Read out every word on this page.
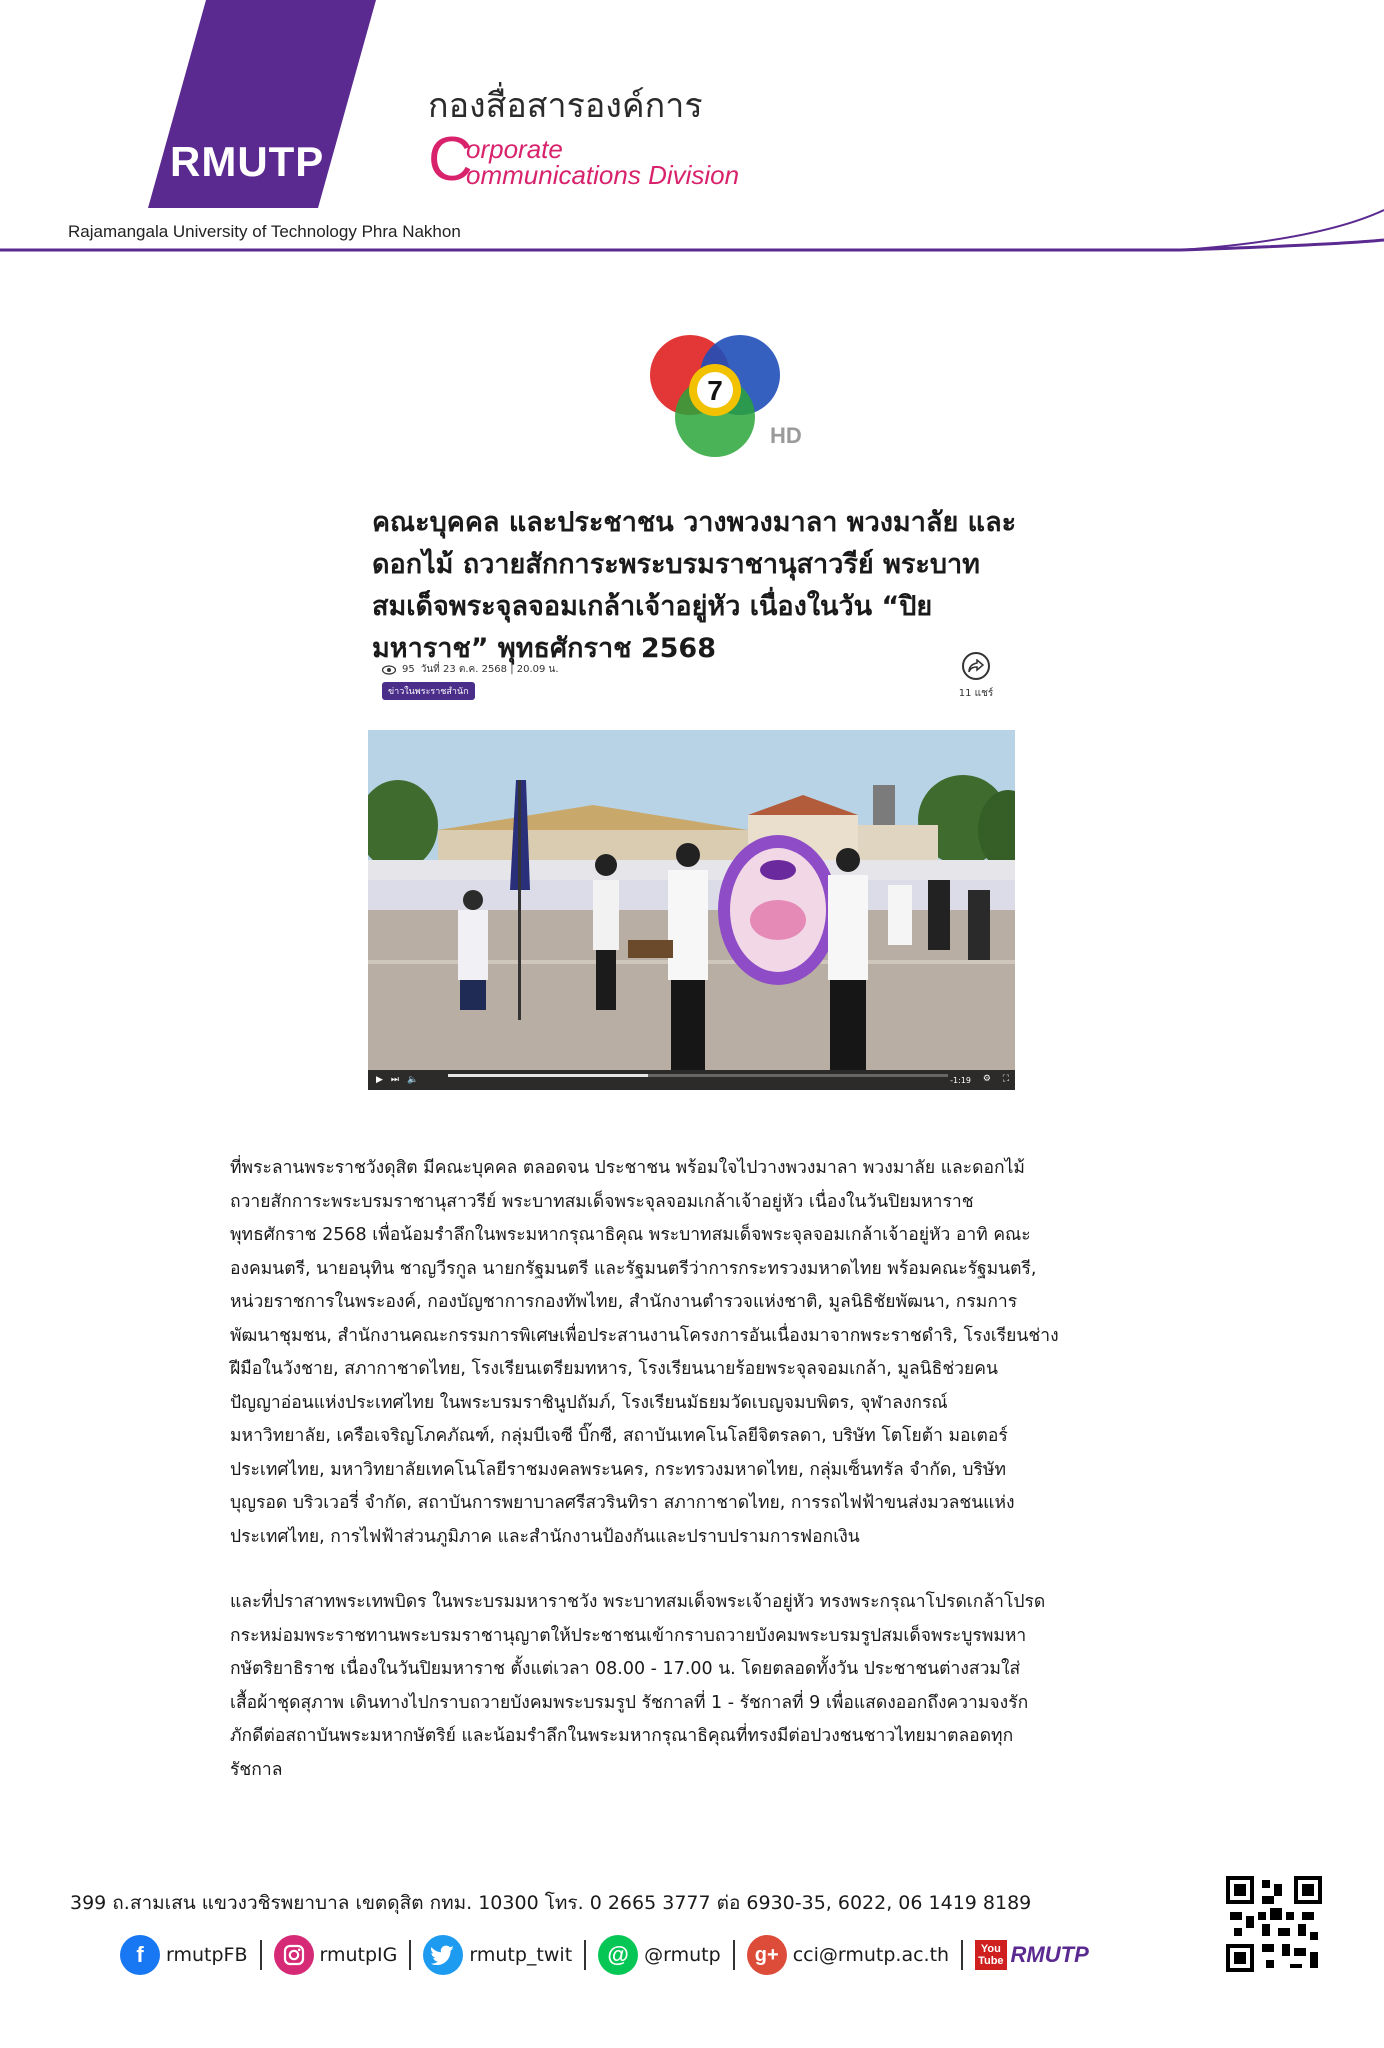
RMUTP
กองสื่อสารองค์การ
C
orporate
ommunications Division
Rajamangala University of Technology Phra Nakhon
7
HD
คณะบุคคล และประชาชน วางพวงมาลา พวงมาลัย และ
ดอกไม้ ถวายสักการะพระบรมราชานุสาวรีย์ พระบาท
สมเด็จพระจุลจอมเกล้าเจ้าอยู่หัว เนื่องในวัน “ปิย
มหาราช” พุทธศักราช 2568
95 วันที่ 23 ต.ค. 2568 | 20.09 น.
ข่าวในพระราชสำนัก	11 แชร์
▶ ⏭ 🔈	-1:19 ⚙ ⛶
ที่พระลานพระราชวังดุสิต มีคณะบุคคล ตลอดจน ประชาชน พร้อมใจไปวางพวงมาลา พวงมาลัย และดอกไม้
ถวายสักการะพระบรมราชานุสาวรีย์ พระบาทสมเด็จพระจุลจอมเกล้าเจ้าอยู่หัว เนื่องในวันปิยมหาราช
พุทธศักราช 2568 เพื่อน้อมรำลึกในพระมหากรุณาธิคุณ พระบาทสมเด็จพระจุลจอมเกล้าเจ้าอยู่หัว อาทิ คณะ
องคมนตรี, นายอนุทิน ชาญวีรกูล นายกรัฐมนตรี และรัฐมนตรีว่าการกระทรวงมหาดไทย พร้อมคณะรัฐมนตรี,
หน่วยราชการในพระองค์, กองบัญชาการกองทัพไทย, สำนักงานตำรวจแห่งชาติ, มูลนิธิชัยพัฒนา, กรมการ
พัฒนาชุมชน, สำนักงานคณะกรรมการพิเศษเพื่อประสานงานโครงการอันเนื่องมาจากพระราชดำริ, โรงเรียนช่าง
ฝีมือในวังชาย, สภากาชาดไทย, โรงเรียนเตรียมทหาร, โรงเรียนนายร้อยพระจุลจอมเกล้า, มูลนิธิช่วยคน
ปัญญาอ่อนแห่งประเทศไทย ในพระบรมราชินูปถัมภ์, โรงเรียนมัธยมวัดเบญจมบพิตร, จุฬาลงกรณ์
มหาวิทยาลัย, เครือเจริญโภคภัณฑ์, กลุ่มบีเจซี บิ๊กซี, สถาบันเทคโนโลยีจิตรลดา, บริษัท โตโยต้า มอเตอร์
ประเทศไทย, มหาวิทยาลัยเทคโนโลยีราชมงคลพระนคร, กระทรวงมหาดไทย, กลุ่มเซ็นทรัล จำกัด, บริษัท
บุญรอด บริวเวอรี่ จำกัด, สถาบันการพยาบาลศรีสวรินทิรา สภากาชาดไทย, การรถไฟฟ้าขนส่งมวลชนแห่ง
ประเทศไทย, การไฟฟ้าส่วนภูมิภาค และสำนักงานป้องกันและปราบปรามการฟอกเงิน
และที่ปราสาทพระเทพบิดร ในพระบรมมหาราชวัง พระบาทสมเด็จพระเจ้าอยู่หัว ทรงพระกรุณาโปรดเกล้าโปรด
กระหม่อมพระราชทานพระบรมราชานุญาตให้ประชาชนเข้ากราบถวายบังคมพระบรมรูปสมเด็จพระบูรพมหา
กษัตริยาธิราช เนื่องในวันปิยมหาราช ตั้งแต่เวลา 08.00 - 17.00 น. โดยตลอดทั้งวัน ประชาชนต่างสวมใส่
เสื้อผ้าชุดสุภาพ เดินทางไปกราบถวายบังคมพระบรมรูป รัชกาลที่ 1 - รัชกาลที่ 9 เพื่อแสดงออกถึงความจงรัก
ภักดีต่อสถาบันพระมหากษัตริย์ และน้อมรำลึกในพระมหากรุณาธิคุณที่ทรงมีต่อปวงชนชาวไทยมาตลอดทุก
รัชกาล
399 ถ.สามเสน แขวงวชิรพยาบาล เขตดุสิต กทม. 10300 โทร. 0 2665 3777 ต่อ 6930-35, 6022, 06 1419 8189
f	rmutpFB	rmutpIG	rmutp_twit	@ @rmutp	g+ cci@rmutp.ac.th	You
Tube RMUTP
